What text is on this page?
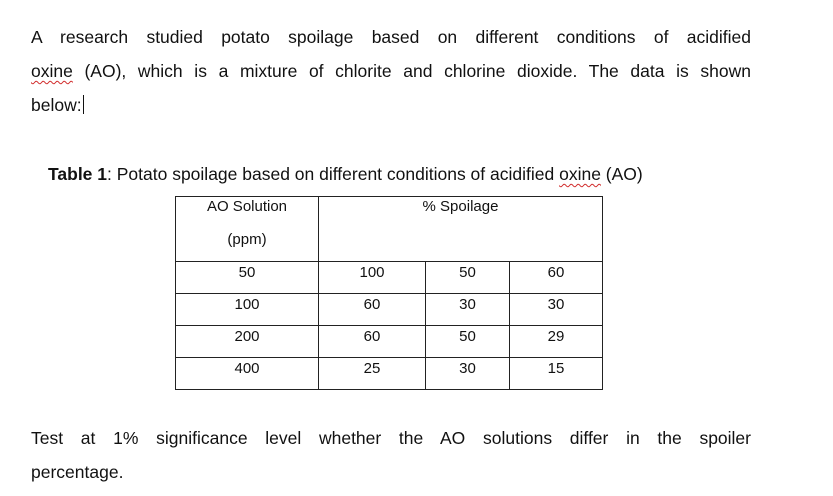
A research studied potato spoilage based on different conditions of acidified
oxine (AO), which is a mixture of chlorite and chlorine dioxide. The data is shown
below:
Table 1: Potato spoilage based on different conditions of acidified oxine (AO)
AO Solution
(ppm)	% Spoilage		
50	100	50	60
100	60	30	30
200	60	50	29
400	25	30	15
Test at 1% significance level whether the AO solutions differ in the spoiler
percentage.
